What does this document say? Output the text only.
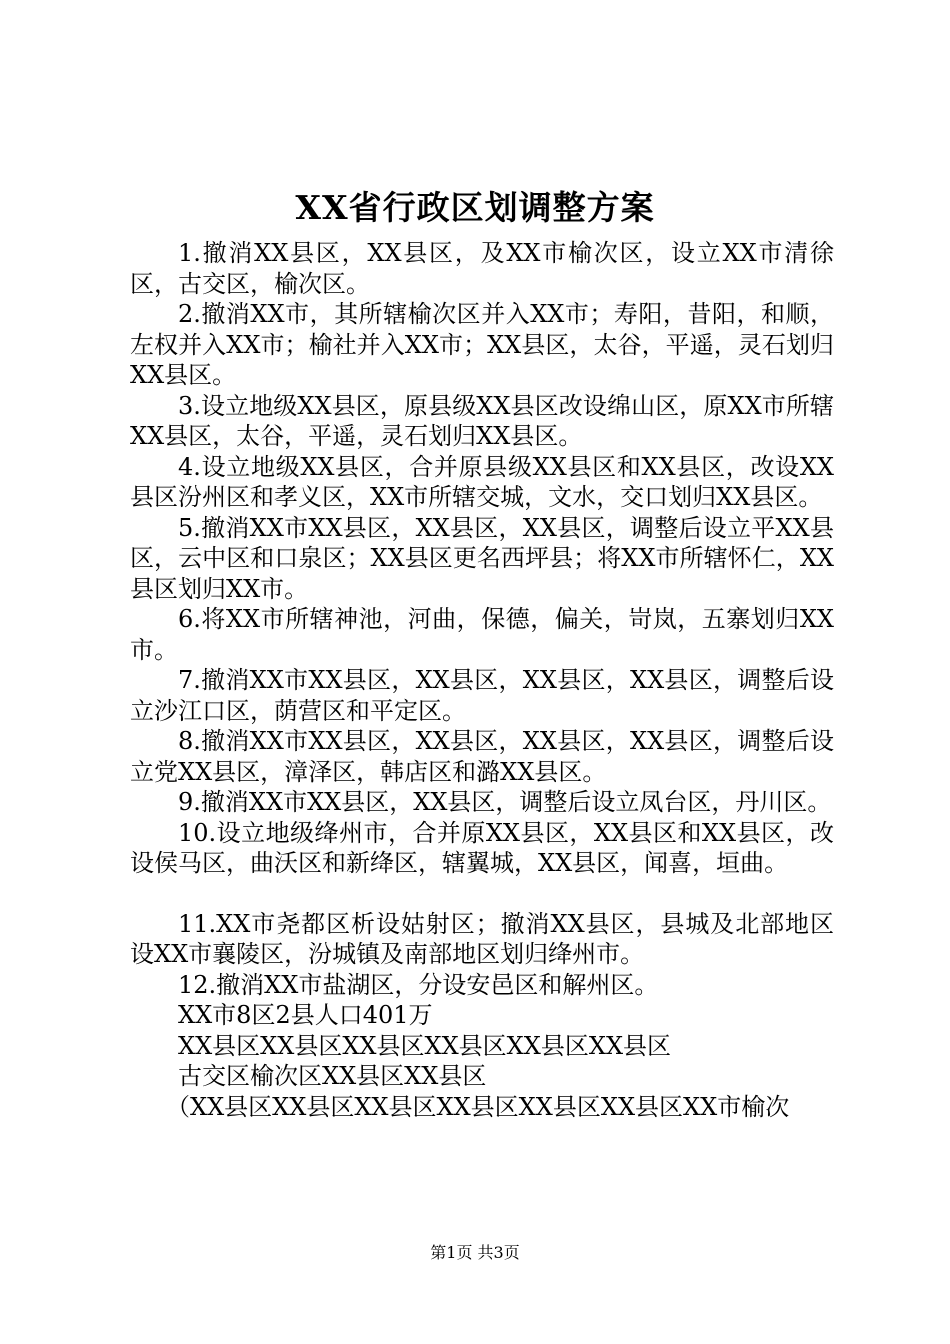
XX省行政区划调整方案

1.撤消XX县区，XX县区，及XX市榆次区，设立XX市清徐区，古交区，榆次区。

2.撤消XX市，其所辖榆次区并入XX市；寿阳，昔阳，和顺，左权并入XX市；榆社并入XX市；XX县区，太谷，平遥，灵石划归XX县区。

3.设立地级XX县区，原县级XX县区改设绵山区，原XX市所辖XX县区，太谷，平遥，灵石划归XX县区。

4.设立地级XX县区，合并原县级XX县区和XX县区，改设XX县区汾州区和孝义区，XX市所辖交城，文水，交口划归XX县区。

5.撤消XX市XX县区，XX县区，XX县区，调整后设立平XX县区，云中区和口泉区；XX县区更名西坪县；将XX市所辖怀仁，XX县区划归XX市。

6.将XX市所辖神池，河曲，保德，偏关，岢岚，五寨划归XX市。

7.撤消XX市XX县区，XX县区，XX县区，XX县区，调整后设立沙江口区，荫营区和平定区。

8.撤消XX市XX县区，XX县区，XX县区，XX县区，调整后设立党XX县区，漳泽区，韩店区和潞XX县区。

9.撤消XX市XX县区，XX县区，调整后设立凤台区，丹川区。

10.设立地级绛州市，合并原XX县区，XX县区和XX县区，改设侯马区，曲沃区和新绛区，辖翼城，XX县区，闻喜，垣曲。

11.XX市尧都区析设姑射区；撤消XX县区，县城及北部地区设XX市襄陵区，汾城镇及南部地区划归绛州市。

12.撤消XX市盐湖区，分设安邑区和解州区。

XX市8区2县人口401万

XX县区XX县区XX县区XX县区XX县区XX县区

古交区榆次区XX县区XX县区

（XX县区XX县区XX县区XX县区XX县区XX县区XX市榆次

第1页 共3页
